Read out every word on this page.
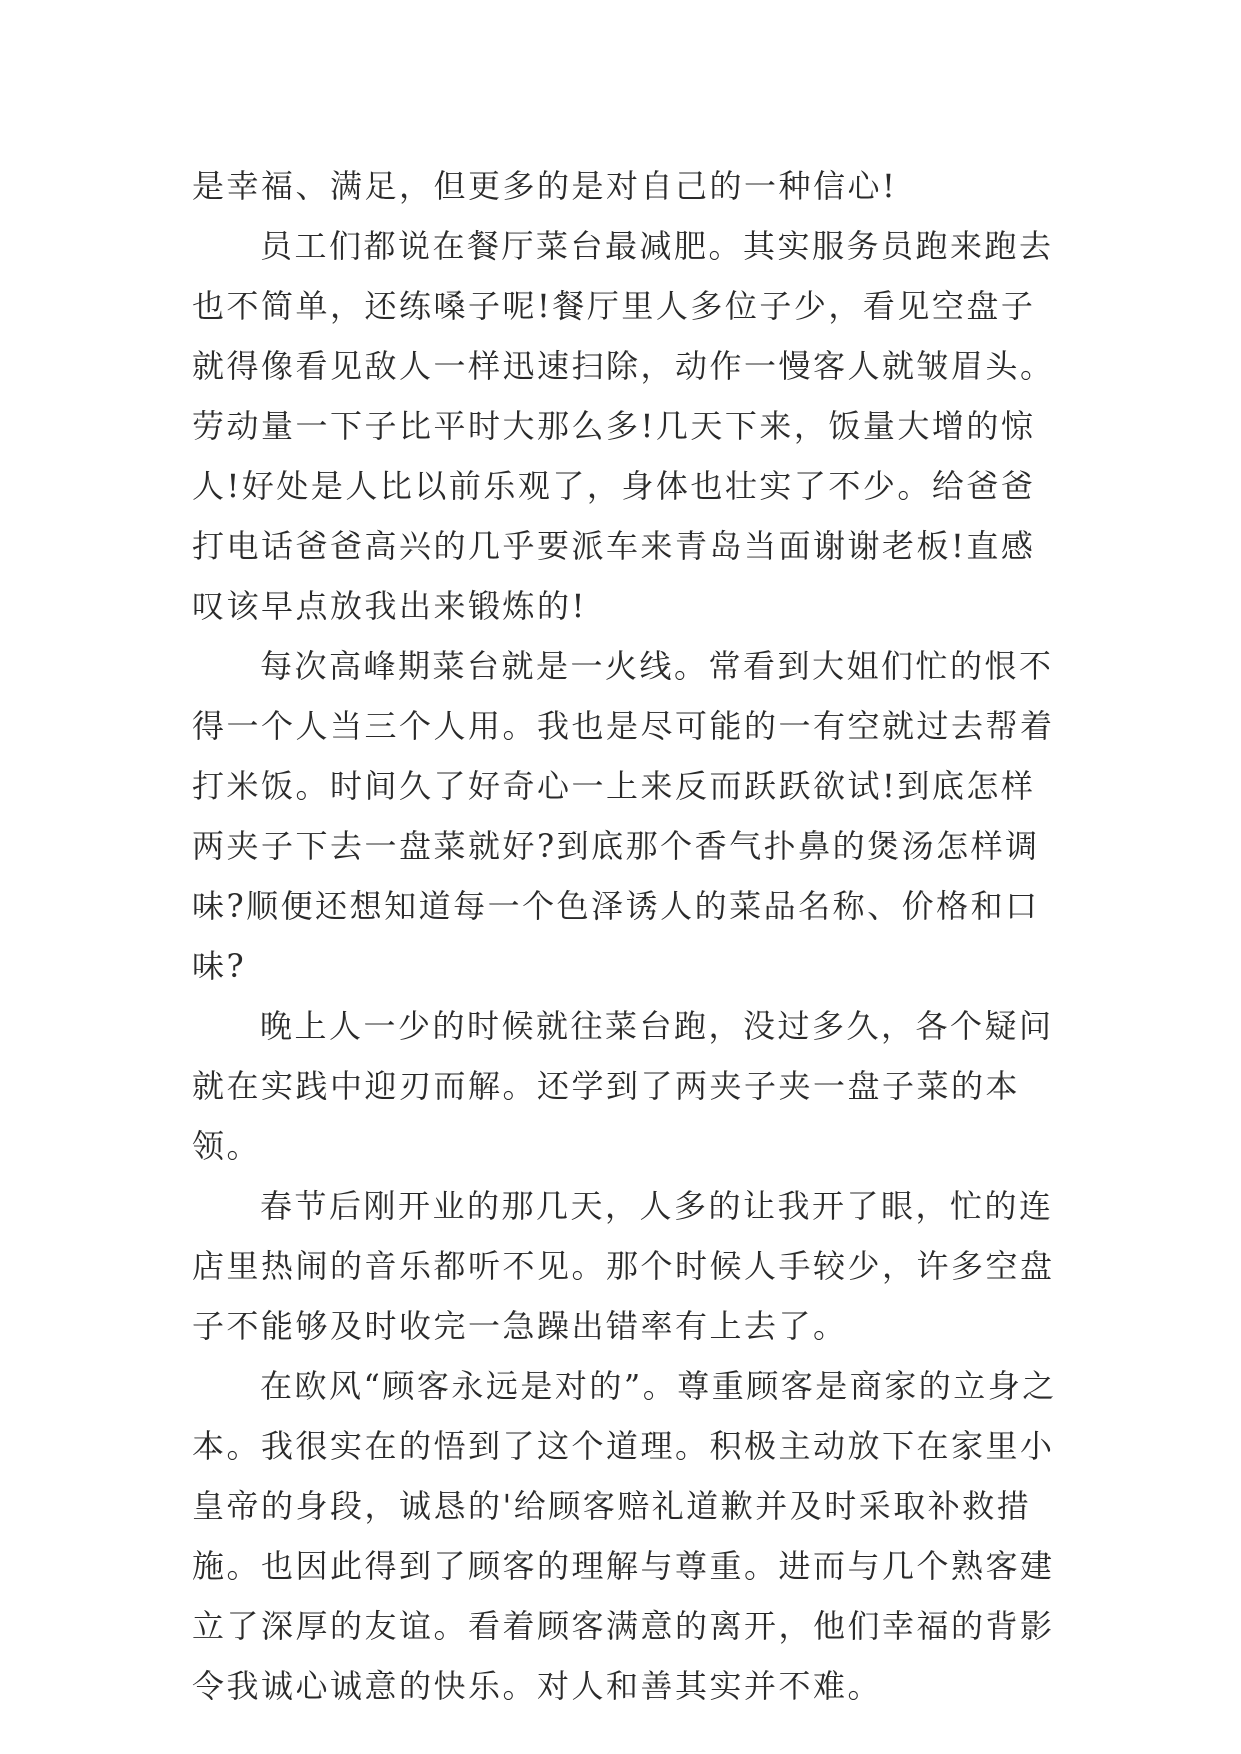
是幸福、满足，但更多的是对自己的一种信心!

员工们都说在餐厅菜台最减肥。其实服务员跑来跑去也不简单，还练嗓子呢!餐厅里人多位子少，看见空盘子就得像看见敌人一样迅速扫除，动作一慢客人就皱眉头。劳动量一下子比平时大那么多!几天下来，饭量大增的惊人!好处是人比以前乐观了，身体也壮实了不少。给爸爸打电话爸爸高兴的几乎要派车来青岛当面谢谢老板!直感叹该早点放我出来锻炼的!

每次高峰期菜台就是一火线。常看到大姐们忙的恨不得一个人当三个人用。我也是尽可能的一有空就过去帮着打米饭。时间久了好奇心一上来反而跃跃欲试!到底怎样两夹子下去一盘菜就好?到底那个香气扑鼻的煲汤怎样调味?顺便还想知道每一个色泽诱人的菜品名称、价格和口味?

晚上人一少的时候就往菜台跑，没过多久，各个疑问就在实践中迎刃而解。还学到了两夹子夹一盘子菜的本领。

春节后刚开业的那几天，人多的让我开了眼，忙的连店里热闹的音乐都听不见。那个时候人手较少，许多空盘子不能够及时收完一急躁出错率有上去了。

在欧风“顾客永远是对的”。尊重顾客是商家的立身之本。我很实在的悟到了这个道理。积极主动放下在家里小皇帝的身段，诚恳的'给顾客赔礼道歉并及时采取补救措施。也因此得到了顾客的理解与尊重。进而与几个熟客建立了深厚的友谊。看着顾客满意的离开，他们幸福的背影令我诚心诚意的快乐。对人和善其实并不难。
